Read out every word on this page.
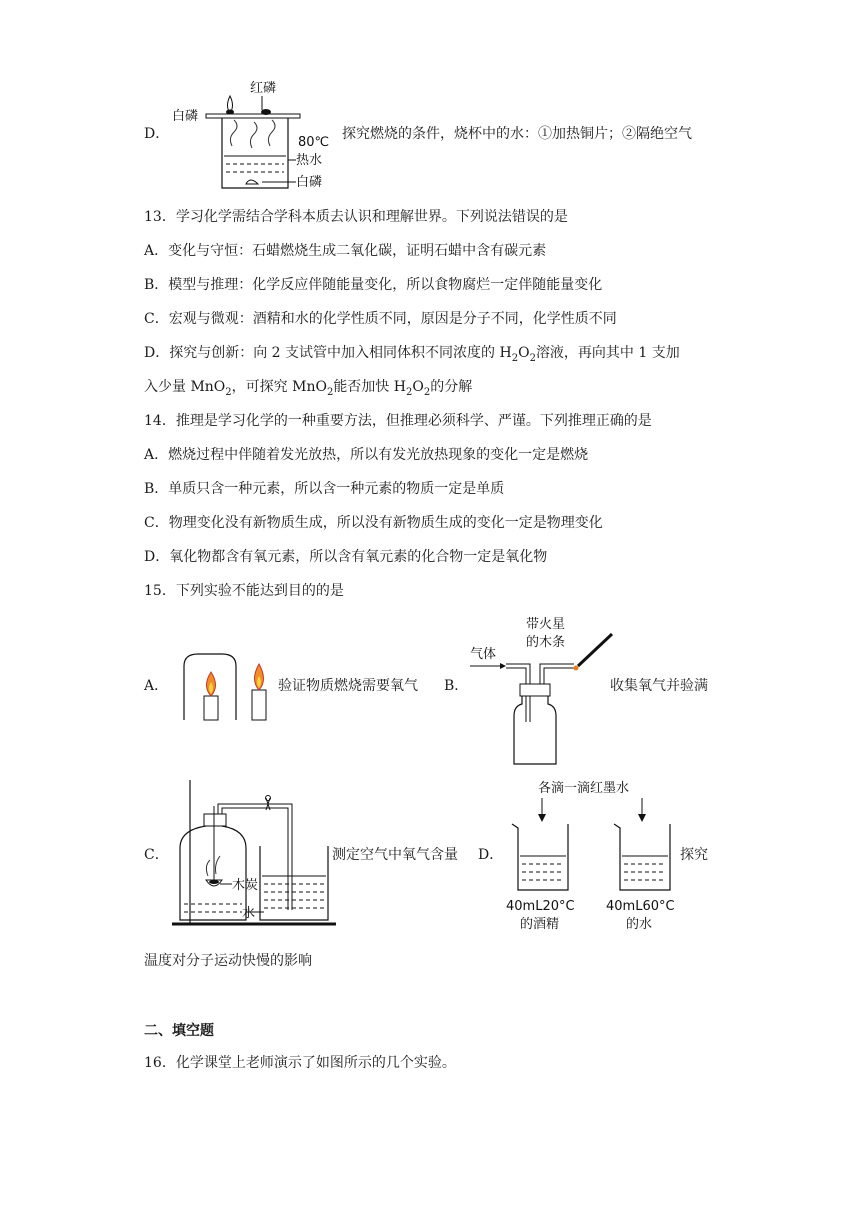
D．
红磷
白磷
80℃
热水
白磷
探究燃烧的条件，烧杯中的水：①加热铜片；②隔绝空气
13．学习化学需结合学科本质去认识和理解世界。下列说法错误的是
A．变化与守恒：石蜡燃烧生成二氧化碳，证明石蜡中含有碳元素
B．模型与推理：化学反应伴随能量变化，所以食物腐烂一定伴随能量变化
C．宏观与微观：酒精和水的化学性质不同，原因是分子不同，化学性质不同
D．探究与创新：向 2 支试管中加入相同体积不同浓度的 $H_2O_2$溶液，再向其中 1 支加
入少量 MnO$_2$，可探究 MnO$_2$能否加快 $H_2O_2$的分解
14．推理是学习化学的一种重要方法，但推理必须科学、严谨。下列推理正确的是
A．燃烧过程中伴随着发光放热，所以有发光放热现象的变化一定是燃烧
B．单质只含一种元素，所以含一种元素的物质一定是单质
C．物理变化没有新物质生成，所以没有新物质生成的变化一定是物理变化
D．氧化物都含有氧元素，所以含有氧元素的化合物一定是氧化物
15．下列实验不能达到目的的是
A．	验证物质燃烧需要氧气 B．
带火星
的木条
气体
收集氧气并验满
C．
木炭
水
测定空气中氧气含量 D．
各滴一滴红墨水
40mL20°C
的酒精
40mL60°C
的水
探究
温度对分子运动快慢的影响
二、填空题
16．化学课堂上老师演示了如图所示的几个实验。
